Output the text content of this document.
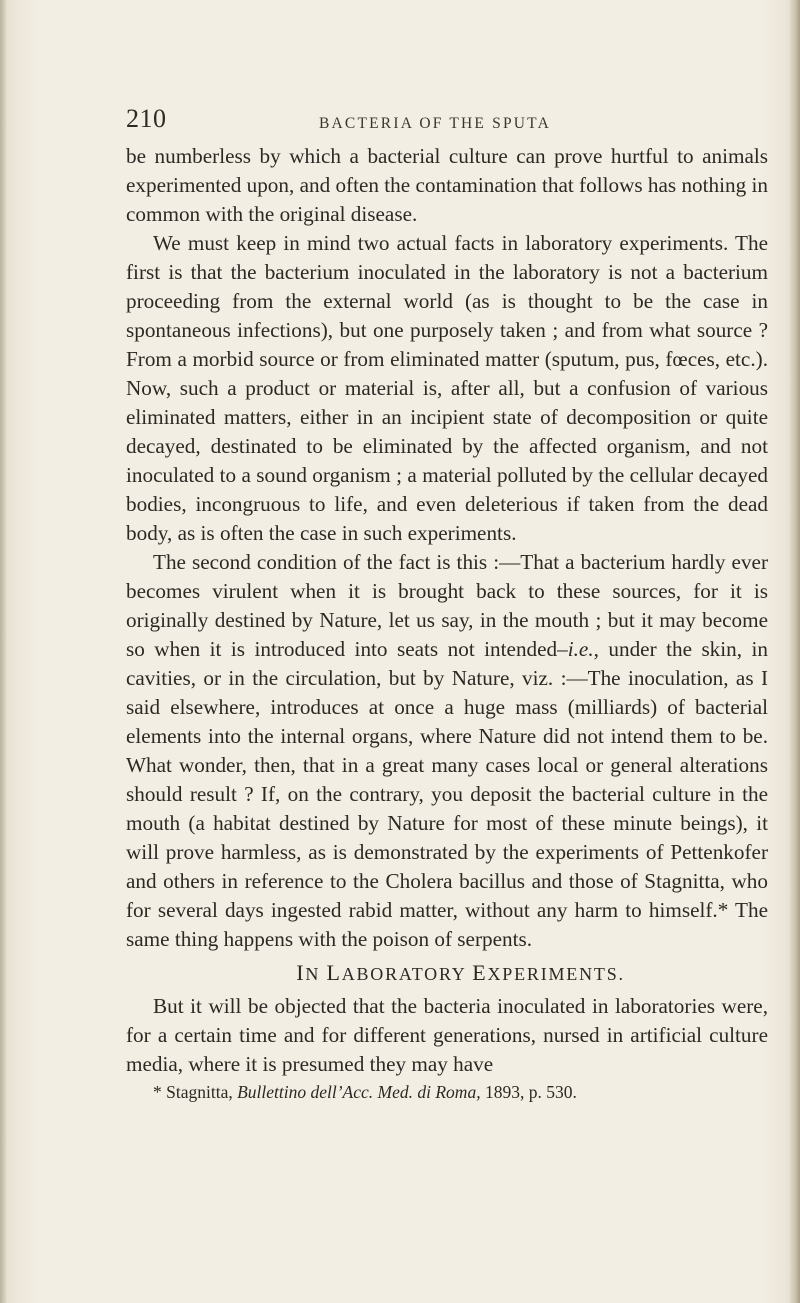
210	BACTERIA OF THE SPUTA

be numberless by which a bacterial culture can prove hurtful to animals experimented upon, and often the contamination that follows has nothing in common with the original disease.

We must keep in mind two actual facts in laboratory experiments. The first is that the bacterium inoculated in the laboratory is not a bacterium proceeding from the external world (as is thought to be the case in spontaneous infections), but one purposely taken ; and from what source ? From a morbid source or from eliminated matter (sputum, pus, fœces, etc.). Now, such a product or material is, after all, but a confusion of various eliminated matters, either in an incipient state of decomposition or quite decayed, destinated to be eliminated by the affected organism, and not inoculated to a sound organism ; a material polluted by the cellular decayed bodies, incongruous to life, and even deleterious if taken from the dead body, as is often the case in such experiments.

The second condition of the fact is this :—That a bacterium hardly ever becomes virulent when it is brought back to these sources, for it is originally destined by Nature, let us say, in the mouth ; but it may become so when it is introduced into seats not intended–i.e., under the skin, in cavities, or in the circulation, but by Nature, viz. :—The inoculation, as I said elsewhere, introduces at once a huge mass (milliards) of bacterial elements into the internal organs, where Nature did not intend them to be. What wonder, then, that in a great many cases local or general alterations should result ? If, on the contrary, you deposit the bacterial culture in the mouth (a habitat destined by Nature for most of these minute beings), it will prove harmless, as is demonstrated by the experiments of Pettenkofer and others in reference to the Cholera bacillus and those of Stagnitta, who for several days ingested rabid matter, without any harm to himself.* The same thing happens with the poison of serpents.

IN LABORATORY EXPERIMENTS.

But it will be objected that the bacteria inoculated in laboratories were, for a certain time and for different generations, nursed in artificial culture media, where it is presumed they may have

* Stagnitta, Bullettino dell’Acc. Med. di Roma, 1893, p. 530.
